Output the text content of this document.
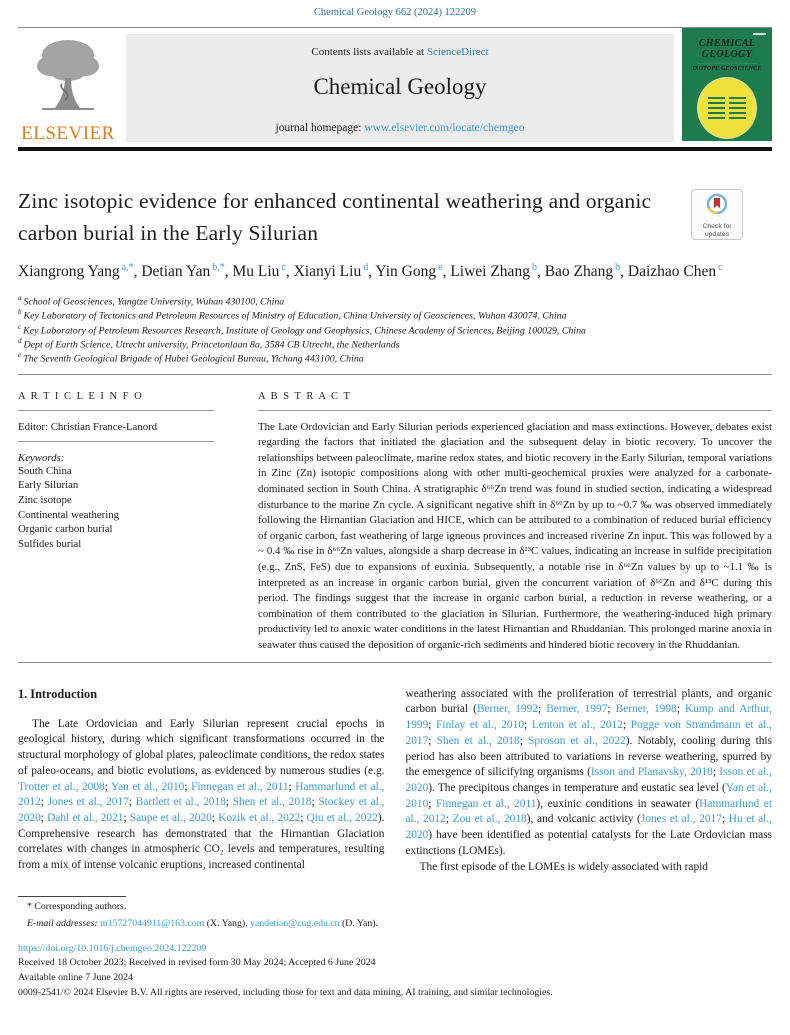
Chemical Geology 662 (2024) 122209
ELSEVIER
Contents lists available at ScienceDirect
Chemical Geology
journal homepage: www.elsevier.com/locate/chemgeo
CHEMICAL
GEOLOGY
ISOTOPE GEOSCIENCE
Zinc isotopic evidence for enhanced continental weathering and organic carbon burial in the Early Silurian	Check for
updates
Xiangrong Yang $^{a,*}$, Detian Yan $^{b,*}$, Mu Liu $^c$, Xianyi Liu $^d$, Yin Gong $^e$, Liwei Zhang $^b$, Bao Zhang $^b$, Daizhao Chen $^c$
$^a$ School of Geosciences, Yangtze University, Wuhan 430100, China
$^b$ Key Laboratory of Tectonics and Petroleum Resources of Ministry of Education, China University of Geosciences, Wuhan 430074, China
$^c$ Key Laboratory of Petroleum Resources Research, Institute of Geology and Geophysics, Chinese Academy of Sciences, Beijing 100029, China
$^d$ Dept of Earth Science, Utrecht university, Princetonlaan 8a, 3584 CB Utrecht, the Netherlands
$^e$ The Seventh Geological Brigade of Hubei Geological Bureau, Yichang 443100, China
A R T I C L E I N F O
Editor: Christian France-Lanord
Keywords:
South China
Early Silurian
Zinc isotope
Continental weathering
Organic carbon burial
Sulfides burial
A B S T R A C T

The Late Ordovician and Early Silurian periods experienced glaciation and mass extinctions. However, debates exist regarding the factors that initiated the glaciation and the subsequent delay in biotic recovery. To uncover the relationships between paleoclimate, marine redox states, and biotic recovery in the Early Silurian, temporal variations in Zinc (Zn) isotopic compositions along with other multi-geochemical proxies were analyzed for a carbonate-dominated section in South China. A stratigraphic δ⁶⁶Zn trend was found in studied section, indicating a widespread disturbance to the marine Zn cycle. A significant negative shift in δ⁶⁶Zn by up to ~0.7 ‰ was observed immediately following the Hirnantian Glaciation and HICE, which can be attributed to a combination of reduced burial efficiency of organic carbon, fast weathering of large igneous provinces and increased riverine Zn input. This was followed by a ~ 0.4 ‰ rise in δ⁶⁶Zn values, alongside a sharp decrease in δ¹³C values, indicating an increase in sulfide precipitation (e.g., ZnS, FeS) due to expansions of euxinia. Subsequently, a notable rise in δ⁶⁶Zn values by up to ~1.1 ‰ is interpreted as an increase in organic carbon burial, given the concurrent variation of δ⁶⁶Zn and δ¹³C during this period. The findings suggest that the increase in organic carbon burial, a reduction in reverse weathering, or a combination of them contributed to the glaciation in Silurian. Furthermore, the weathering-induced high primary productivity led to anoxic water conditions in the latest Hirnantian and Rhuddanian. This prolonged marine anoxia in seawater thus caused the deposition of organic-rich sediments and hindered biotic recovery in the Rhuddanian.

1. Introduction

The Late Ordovician and Early Silurian represent crucial epochs in geological history, during which significant transformations occurred in the structural morphology of global plates, paleoclimate conditions, the redox states of paleo-oceans, and biotic evolutions, as evidenced by numerous studies (e.g. Trotter et al., 2008; Yan et al., 2010; Finnegan et al., 2011; Hammarlund et al., 2012; Jones et al., 2017; Bartlett et al., 2018; Shen et al., 2018; Stockey et al., 2020; Dahl et al., 2021; Saupe et al., 2020; Kozik et al., 2022; Qiu et al., 2022). Comprehensive research has demonstrated that the Hirnantian Glaciation correlates with changes in atmospheric CO₂ levels and temperatures, resulting from a mix of intense volcanic eruptions, increased continental

weathering associated with the proliferation of terrestrial plants, and organic carbon burial (Berner, 1992; Berner, 1997; Berner, 1998; Kump and Arthur, 1999; Finlay et al., 2010; Lenton et al., 2012; Pogge von Strandmann et al., 2017; Shen et al., 2018; Sproson et al., 2022). Notably, cooling during this period has also been attributed to variations in reverse weathering, spurred by the emergence of silicifying organisms (Isson and Planavsky, 2018; Isson et al., 2020). The precipitous changes in temperature and eustatic sea level (Yan et al., 2010; Finnegan et al., 2011), euxinic conditions in seawater (Hammarlund et al., 2012; Zou et al., 2018), and volcanic activity (Jones et al., 2017; Hu et al., 2020) have been identified as potential catalysts for the Late Ordovician mass extinctions (LOMEs).

The first episode of the LOMEs is widely associated with rapid

* Corresponding authors.
E-mail addresses: m15727044911@163.com (X. Yang), yandetian@cug.edu.cn (D. Yan).
https://doi.org/10.1016/j.chemgeo.2024.122209
Received 18 October 2023; Received in revised form 30 May 2024; Accepted 6 June 2024
Available online 7 June 2024
0009-2541/© 2024 Elsevier B.V. All rights are reserved, including those for text and data mining, AI training, and similar technologies.
